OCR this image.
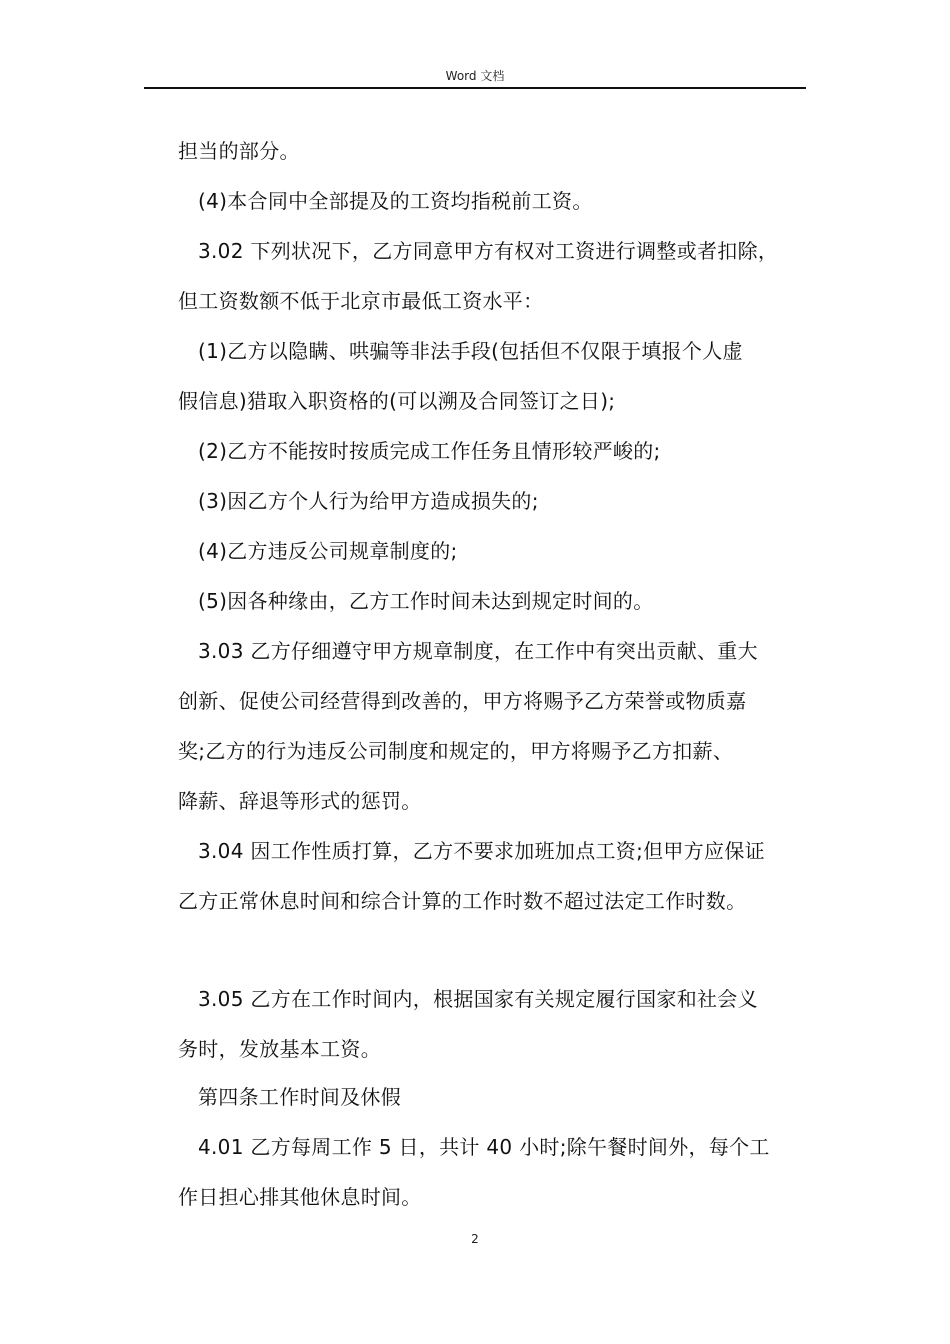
Word 文档
担当的部分。
(4)本合同中全部提及的工资均指税前工资。
3.02 下列状况下，乙方同意甲方有权对工资进行调整或者扣除，
但工资数额不低于北京市最低工资水平：
(1)乙方以隐瞒、哄骗等非法手段(包括但不仅限于填报个人虚
假信息)猎取入职资格的(可以溯及合同签订之日);
(2)乙方不能按时按质完成工作任务且情形较严峻的;
(3)因乙方个人行为给甲方造成损失的;
(4)乙方违反公司规章制度的;
(5)因各种缘由，乙方工作时间未达到规定时间的。
3.03 乙方仔细遵守甲方规章制度，在工作中有突出贡献、重大
创新、促使公司经营得到改善的，甲方将赐予乙方荣誉或物质嘉
奖;乙方的行为违反公司制度和规定的，甲方将赐予乙方扣薪、
降薪、辞退等形式的惩罚。
3.04 因工作性质打算，乙方不要求加班加点工资;但甲方应保证
乙方正常休息时间和综合计算的工作时数不超过法定工作时数。
3.05 乙方在工作时间内，根据国家有关规定履行国家和社会义
务时，发放基本工资。
第四条工作时间及休假
4.01 乙方每周工作 5 日，共计 40 小时;除午餐时间外，每个工
作日担心排其他休息时间。
2
